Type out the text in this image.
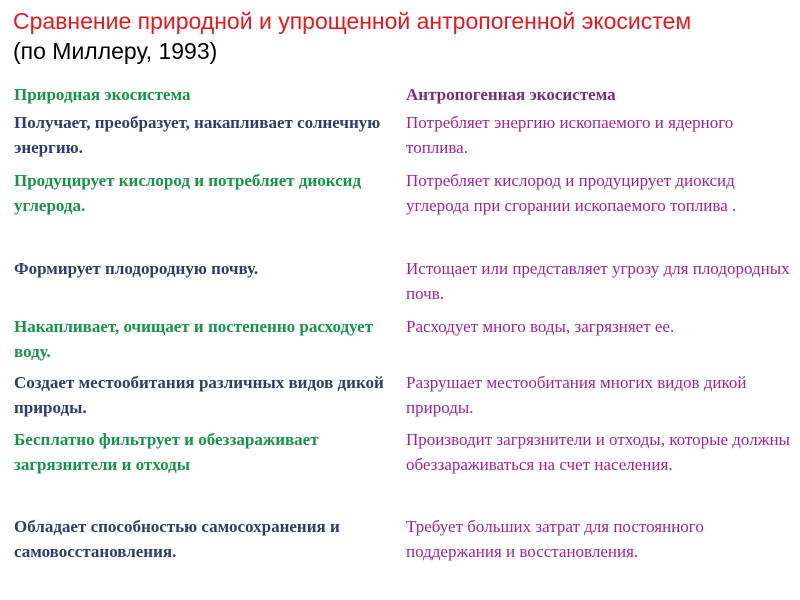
Сравнение природной и упрощенной антропогенной экосистем
(по Миллеру, 1993)
Природная экосистема	Антропогенная экосистема
Получает, преобразует, накапливает солнечную энергию.
Потребляет энергию ископаемого и ядерного топлива.
Продуцирует кислород и потребляет диоксид углерода.
Потребляет кислород и продуцирует диоксид углерода при сгорании ископаемого топлива .
Формирует плодородную почву.	Истощает или представляет угрозу для плодородных почв.
Накапливает, очищает и постепенно расходует воду.
Расходует много воды, загрязняет ее.
Создает местообитания различных видов дикой природы.
Разрушает местообитания многих видов дикой природы.
Бесплатно фильтрует и обеззараживает загрязнители и отходы
Производит загрязнители и отходы, которые должны обеззараживаться на счет населения.
Обладает способностью самосохранения и самовосстановления.
Требует больших затрат для постоянного поддержания и восстановления.
